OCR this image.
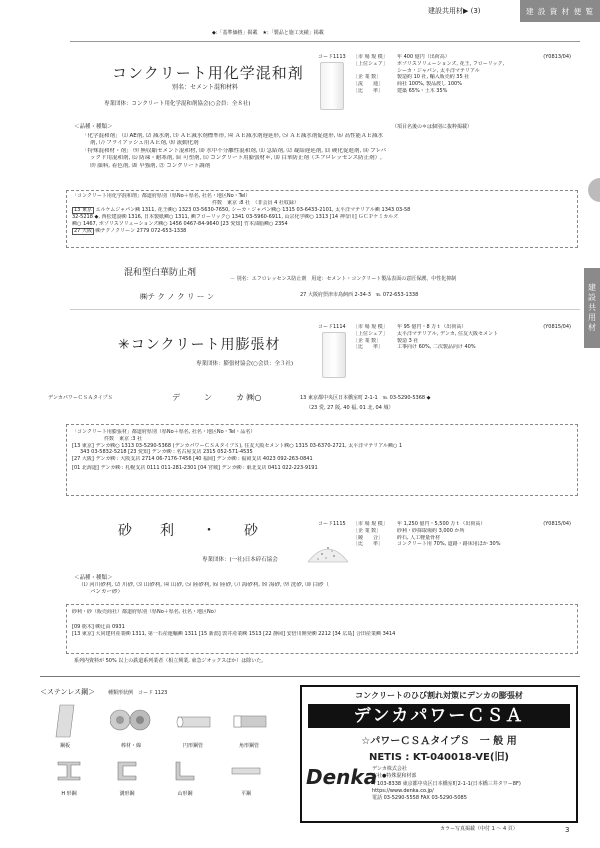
建設共用材▶ (3)	建 設 資 材 便 覧
◆:「基準価格」掲載　 ★:「製品と施工実績」掲載
建設共用材
コンクリート用化学混和剤
別名：セメント混和材料
専業団体：コンクリート用化学混和剤協会(○会員：全８社)
コード1113 ［市 場 規 模］ 年 400 億円（出荷高）	(Y0813/04)
［上位シェア］ ポゾリスソリューションズ, 花王, フローリック,
シーカ・ジャパン, 太平洋マテリアル
［企 業 数］	製造約 10 社, 輸入販売約 35 社
［流　　通］	商社 100%, 製品渡し 100%
［比　　率］	建築 65%・土木 35%
＜品種・種類＞	（項目名後の＊は個別に抜粋掲載）
「化学混和剤」 ⑴ AE剤, ⑵ 減水剤, ⑶ ＡＥ減水剤標準形, ⑷ ＡＥ減水剤遅延形, ⑸ ＡＥ減水剤促進形, ⑹ 高性能ＡＥ減水
剤, ⑺ フライアッシュ用ＡＥ剤, ⑻ 流動化剤
「特殊混和材・剤」 ⑼ 無収縮セメント混和材, ⑽ 水中不分離性混和剤, ⑾ 急結剤, ⑿ 凝結遅延剤, ⒀ 硬化促進剤, ⒁ プレパ
ックド用混和剤, ⒂ 防凍・耐寒剤, ⒃ 可塑剤, ⒄ コンクリート用膨張材＊, ⒅ 白華防止剤（エフロレッセンス防止剤）,
⒆ 顔料, 着色剤, ⒇ 早強剤, ㉑ コンクリート調剤
「コンクリート用化学混和剤」都道府県別（県No＋県名, 社名・地区No・Tel）
件数　東京 :8 社　（非会員 4 社収録）
13 東京 エルケムジャパン㈱ 1311, 花王㈱○ 1323 03-5630-7650, シーカ・ジャパン㈱○ 1315 03-6433-2101, 太平洋マテリアル㈱ 1343 03-58
32-5218 ◆, 西松建設㈱ 1316, 日本製紙㈱○ 1311, ㈱フローリック○ 1341 03-5960-6911, 山宗化学㈱○ 1313 [14 神奈川] ＧＣＰケミカルズ
㈱○ 1467, ポゾリスソリューションズ㈱○ 1456 0467-84-9640 [23 愛知] 竹本油脂㈱○ 2354
27 大阪 ㈱テクノクリーン 2779 072-653-1338
混和型白華防止剤
－ 別名：エフロレッセンス防止剤　用途：セメント・コンクリート製品表面の意匠保護、中性化抑制
㈱テ ク ノ ク リ ー ン	27 大阪府摂津市鳥飼西 2-34-3　℡ 072-653-1338
✳コンクリート用膨張材
専業団体：膨張材協会(○会員：全３社)
コード1114 ［市 場 規 模］ 年 95 億円・8 万ｔ（出荷高）	(Y0815/04)
［上位シェア］ 太平洋マテリアル, デンカ, 住友大阪セメント
［企 業 数］	製造 3 社
［比　　率］	工事向け 60%, 二次製品向け 40%
デンカパワーＣＳＡタイプＳ	デ　　　ン　　　カ ㈱○	13 東京都中央区日本橋室町 2-1-1　℡ 03-5290-5368 ◆
（23 愛, 27 阪, 40 福, 01 北, 04 城）
「コンクリート用膨張材」都道府県別（県No＋県名, 社名・地区No・Tel・品名）
件数　東京 :3 社
[13 東京] デンカ㈱○ 1313 03-5290-5368 (デンカパワーＣＳＡタイプＳ), 住友大阪セメント㈱○ 1315 03-6370-2721, 太平洋マテリアル㈱○ 1
343 03-5832-5218 [23 愛知] デンカ㈱ : 名古屋支店 2315 052-571-4535
[27 大阪] デンカ㈱ : 大阪支店 2714 06-7176-7456 [40 福岡] デンカ㈱ : 福岡支店 4023 092-263-0841
[01 北海道] デンカ㈱ : 札幌支店 0111 011-281-2301 [04 宮城] デンカ㈱ : 東北支店 0411 022-223-9191
砂　　利　　・　　砂
専業団体：(一社)日本砕石協会
コード1115 ［市 場 規 模］ 年 1,250 億円・5,500 万ｔ（出荷高）	(Y0815/04)
［企 業 数］	砂利・砂採取場約 3,000 か所
［競　　合］	砕石, 人工軽量骨材
［比　　率］	コンクリート用 70%, 道路・路床用ほか 30%
＜品種・種類＞
⑴ 河川砂利, ⑵ 川砂, ⑶ 山砂利, ⑷ 山砂, ⑸ 陸砂利, ⑹ 陸砂, ⑺ 海砂利, ⑻ 海砂, ⑼ 洗砂, ⑽ 白砂（
バンカー砂）
砂利・砂（販売商社）都道府県別（県No＋県名, 社名・地区No）
[09 栃木] ㈱辻由 0931
[13 東京] 大同建材産業㈱ 1311, 第一石産運輸㈱ 1311 [15 新潟] 敦井産業㈱ 1513 [22 静岡] 安倍川開発㈱ 2212 [34 広島] 合田産業㈱ 3414
系列内資料が 50% 以上の鉄道系列業者（相立興業, 東急ジオックスほか）は除いた。
＜ステンレス鋼＞	種類形状例　コード 1123
鋼板	棒材・線	円形鋼管	角形鋼管
H 形鋼	溝形鋼	山形鋼	平鋼
コンクリートのひび割れ対策にデンカの膨張材
デンカパワーＣＳＡ
☆パワーＣＳＡタイプＳ　一 般 用
NETIS : KT-040018-VE(旧)
Denka
デンカ株式会社
本社●特殊混和材部
〒103-8338 東京都中央区日本橋室町2-1-1(日本橋三井タワー8F)
https://www.denka.co.jp/
電話 03-5290-5558 FAX 03-5290-5085
カラー写真掲載（中付 1 ～ 4 頁）	3
